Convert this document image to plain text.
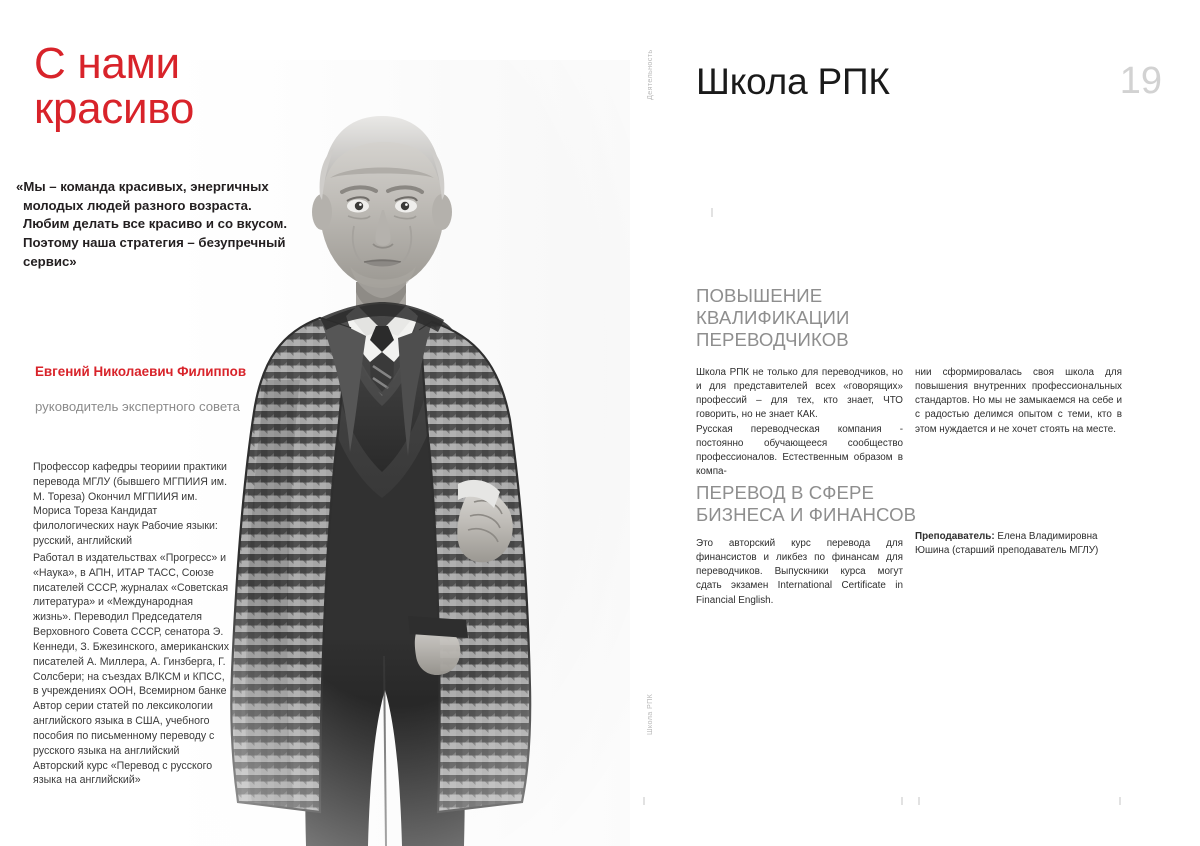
С нами
красиво
«Мы – команда красивых, энергичных молодых людей разного возраста. Любим делать все красиво и со вкусом. Поэтому наша стратегия – безупречный сервис»
Евгений Николаевич Филиппов
руководитель экспертного совета
Профессор кафедры теориии практики перевода МГЛУ (бывшего МГПИИЯ им. М. Тореза) Окончил МГПИИЯ им. Мориса Тореза Кандидат филологических наук Рабочие языки: русский, английский
Работал в издательствах «Прогресс» и «Наука», в АПН, ИТАР ТАСС, Союзе писателей СССР, журналах «Советская литература» и «Международная жизнь». Переводил Председателя Верховного Совета СССР, сенатора Э. Кеннеди, З. Бжезинского, американских писателей А. Миллера, А. Гинзберга, Г. Солсбери; на съездах ВЛКСМ и КПСС, в учреждениях ООН, Всемирном банке Автор серии статей по лексикологии английского языка в США, учебного пособия по письменному переводу с русского языка на английский Авторский курс «Перевод с русского языка на английский»
Деятельность
Школа РПК
Школа РПК	19
ПОВЫШЕНИЕ
КВАЛИФИКАЦИИ
ПЕРЕВОДЧИКОВ

Школа РПК не только для переводчиков, но и для представителей всех «говорящих» профессий – для тех, кто знает, ЧТО говорить, но не знает КАК.

Русская переводческая компания - постоянно обучающееся сообщество профессионалов. Естественным образом в компа-

нии сформировалась своя школа для повышения внутренних профессиональных стандартов. Но мы не замыкаемся на себе и с радостью делимся опытом с теми, кто в этом нуждается и не хочет стоять на месте.

ПЕРЕВОД В СФЕРЕ
БИЗНЕСА И ФИНАНСОВ

Это авторский курс перевода для финансистов и ликбез по финансам для переводчиков. Выпускники курса могут сдать экзамен International Certificate in Financial English.

Преподаватель: Елена Владимировна Юшина (старший преподаватель МГЛУ)
